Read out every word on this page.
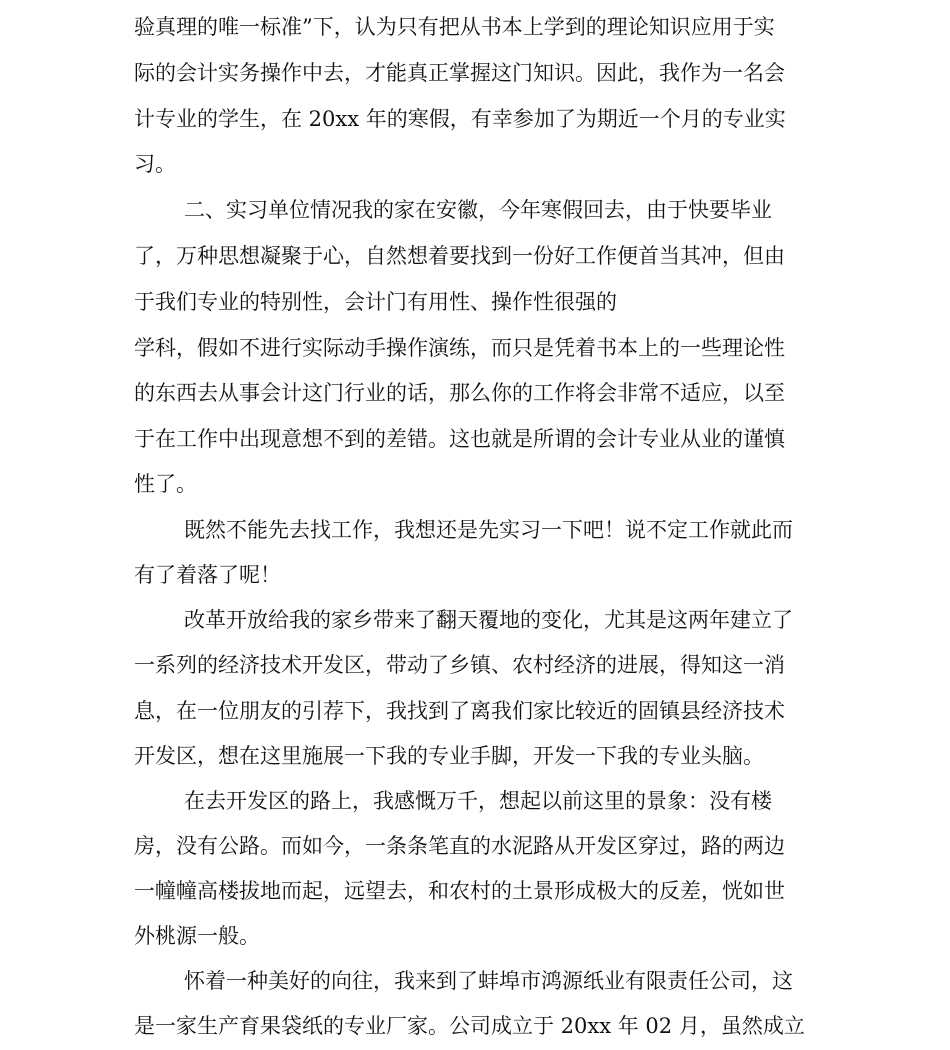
验真理的唯一标准”下，认为只有把从书本上学到的理论知识应用于实
际的会计实务操作中去，才能真正掌握这门知识。因此，我作为一名会
计专业的学生，在 20xx 年的寒假，有幸参加了为期近一个月的专业实
习。
二、实习单位情况我的家在安徽，今年寒假回去，由于快要毕业
了，万种思想凝聚于心，自然想着要找到一份好工作便首当其冲，但由
于我们专业的特别性，会计门有用性、操作性很强的
学科，假如不进行实际动手操作演练，而只是凭着书本上的一些理论性
的东西去从事会计这门行业的话，那么你的工作将会非常不适应，以至
于在工作中出现意想不到的差错。这也就是所谓的会计专业从业的谨慎
性了。
既然不能先去找工作，我想还是先实习一下吧！说不定工作就此而
有了着落了呢！
改革开放给我的家乡带来了翻天覆地的变化，尤其是这两年建立了
一系列的经济技术开发区，带动了乡镇、农村经济的进展，得知这一消
息，在一位朋友的引荐下，我找到了离我们家比较近的固镇县经济技术
开发区，想在这里施展一下我的专业手脚，开发一下我的专业头脑。
在去开发区的路上，我感慨万千，想起以前这里的景象：没有楼
房，没有公路。而如今，一条条笔直的水泥路从开发区穿过，路的两边
一幢幢高楼拔地而起，远望去，和农村的土景形成极大的反差，恍如世
外桃源一般。
怀着一种美好的向往，我来到了蚌埠市鸿源纸业有限责任公司，这
是一家生产育果袋纸的专业厂家。公司成立于 20xx 年 02 月，虽然成立
